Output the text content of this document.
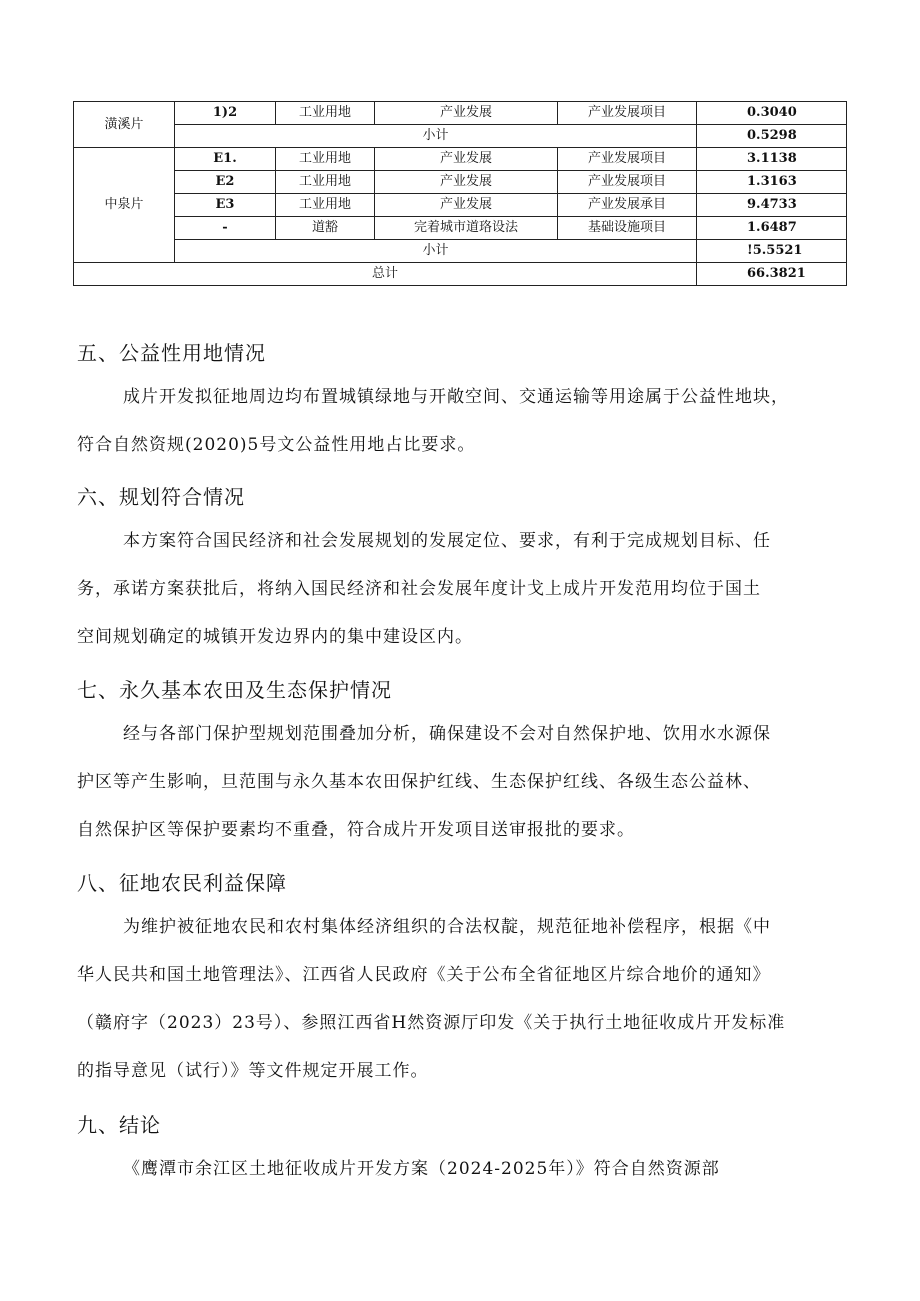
潢溪片	1)2	工业用地	产业发展	产业发展项目	0.3040
	小计				0.5298
中泉片	E1.	工业用地	产业发展	产业发展项目	3.1138
	E2	工业用地	产业发展	产业发展项目	1.3163
	E3	工业用地	产业发展	产业发展承目	9.4733
	-	道豁	完着城市道珞设法	基础设施项目	1.6487
	小计				!5.5521
总计					66.3821
五、公益性用地情况
成片开发拟征地周边均布置城镇绿地与开敞空间、交通运输等用途属于公益性地块，
符合自然资规(2020)5号文公益性用地占比要求。
六、规划符合情况
本方案符合国民经济和社会发展规划的发展定位、要求，有利于完成规划目标、任
务，承诺方案获批后，将纳入国民经济和社会发展年度计戈上成片开发范用均位于国土
空间规划确定的城镇开发边界内的集中建设区内。
七、永久基本农田及生态保护情况
经与各部门保护型规划范围叠加分析，确保建设不会对自然保护地、饮用水水源保
护区等产生影响，旦范围与永久基本农田保护红线、生态保护红线、各级生态公益林、
自然保护区等保护要素均不重叠，符合成片开发项目送审报批的要求。
八、征地农民利益保障
为维护被征地农民和农村集体经济组织的合法权靛，规范征地补偿程序，根据《中
华人民共和国土地管理法》、江西省人民政府《关于公布全省征地区片综合地价的通知》
（赣府字（2023）23号）、参照江西省H然资源厅印发《关于执行土地征收成片开发标准
的指导意见（试行）》等文件规定开展工作。
九、结论
《鹰潭市余江区土地征收成片开发方案（2024-2025年）》符合自然资源部
